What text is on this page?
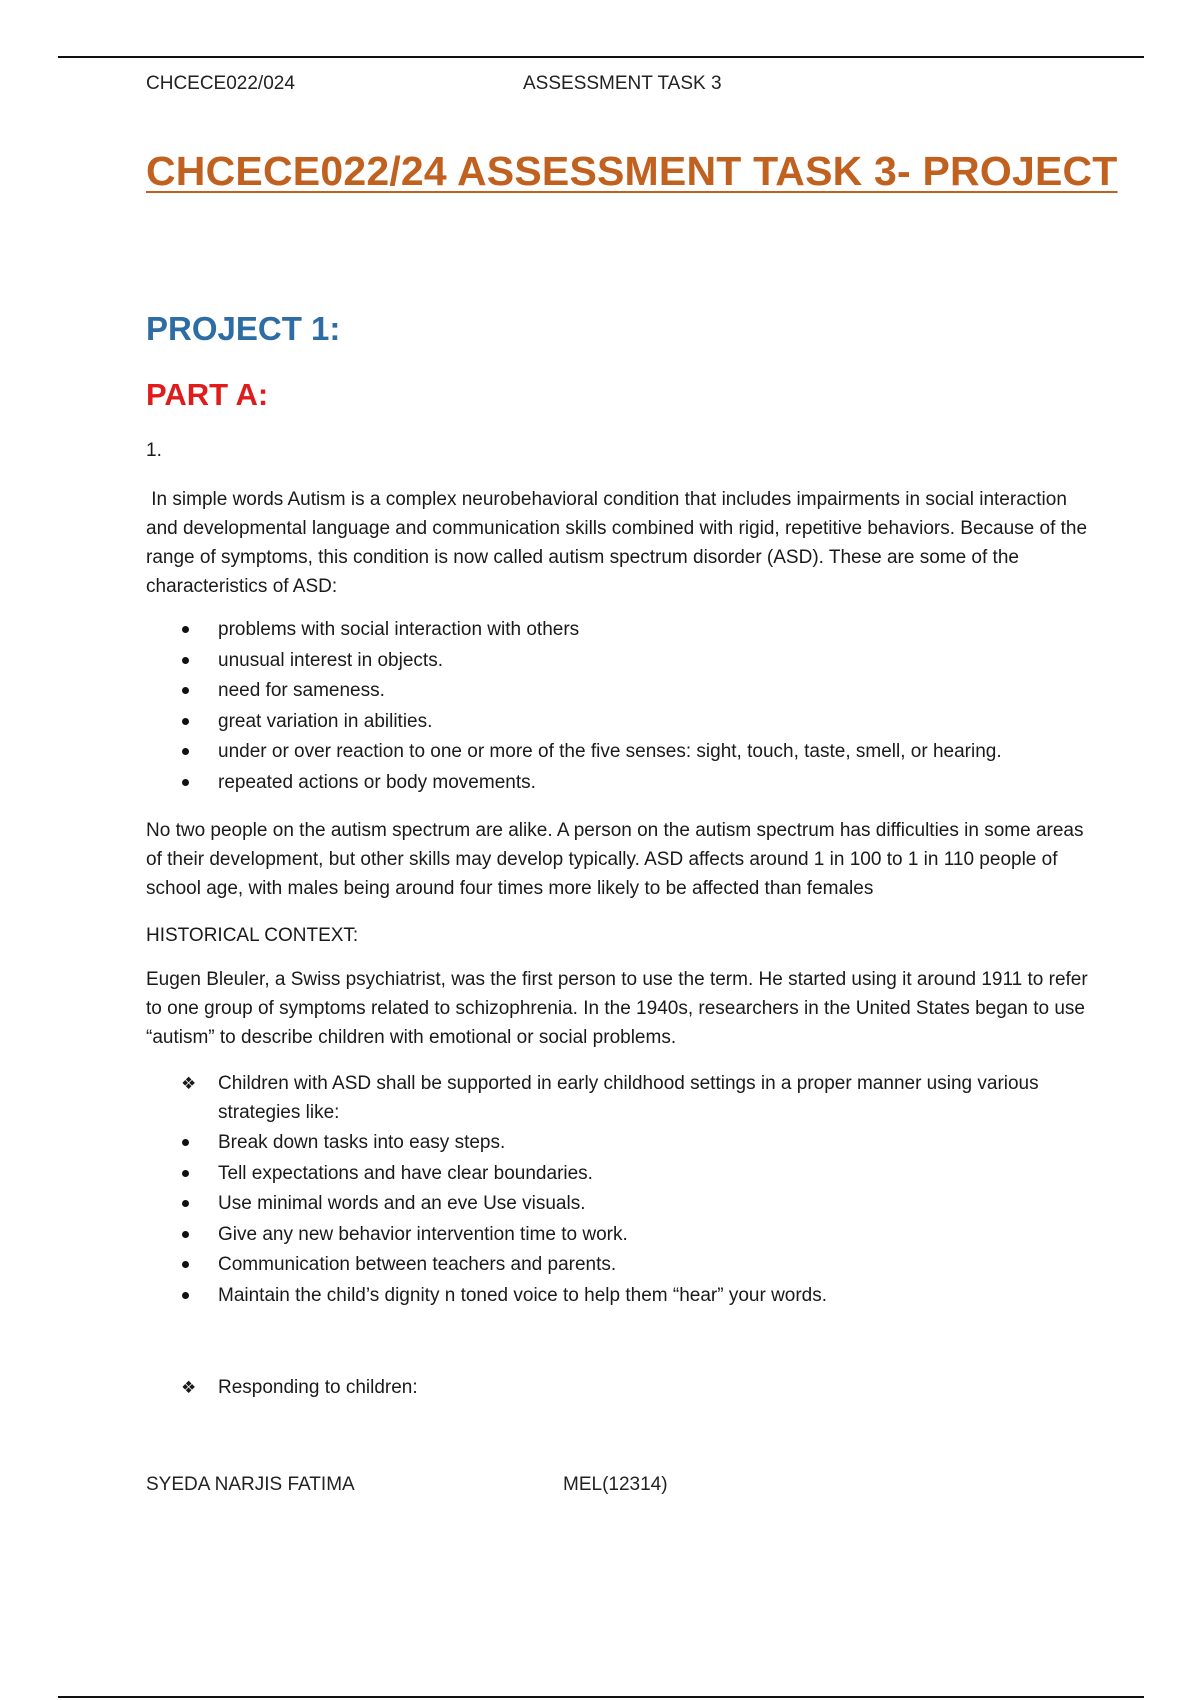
CHCECE022/024	ASSESSMENT TASK 3
CHCECE022/24 ASSESSMENT TASK 3- PROJECT
PROJECT 1:
PART A:
1.

In simple words Autism is a complex neurobehavioral condition that includes impairments in social interaction and developmental language and communication skills combined with rigid, repetitive behaviors. Because of the range of symptoms, this condition is now called autism spectrum disorder (ASD). These are some of the characteristics of ASD:

problems with social interaction with others
unusual interest in objects.
need for sameness.
great variation in abilities.
under or over reaction to one or more of the five senses: sight, touch, taste, smell, or hearing.
repeated actions or body movements.

No two people on the autism spectrum are alike. A person on the autism spectrum has difficulties in some areas of their development, but other skills may develop typically. ASD affects around 1 in 100 to 1 in 110 people of school age, with males being around four times more likely to be affected than females

HISTORICAL CONTEXT:

Eugen Bleuler, a Swiss psychiatrist, was the first person to use the term. He started using it around 1911 to refer to one group of symptoms related to schizophrenia. In the 1940s, researchers in the United States began to use “autism” to describe children with emotional or social problems.

❖ Children with ASD shall be supported in early childhood settings in a proper manner using various strategies like:
Break down tasks into easy steps.
Tell expectations and have clear boundaries.
Use minimal words and an eve Use visuals.
Give any new behavior intervention time to work.
Communication between teachers and parents.
Maintain the child’s dignity n toned voice to help them “hear” your words.
❖ Responding to children:
SYEDA NARJIS FATIMA	MEL(12314)
